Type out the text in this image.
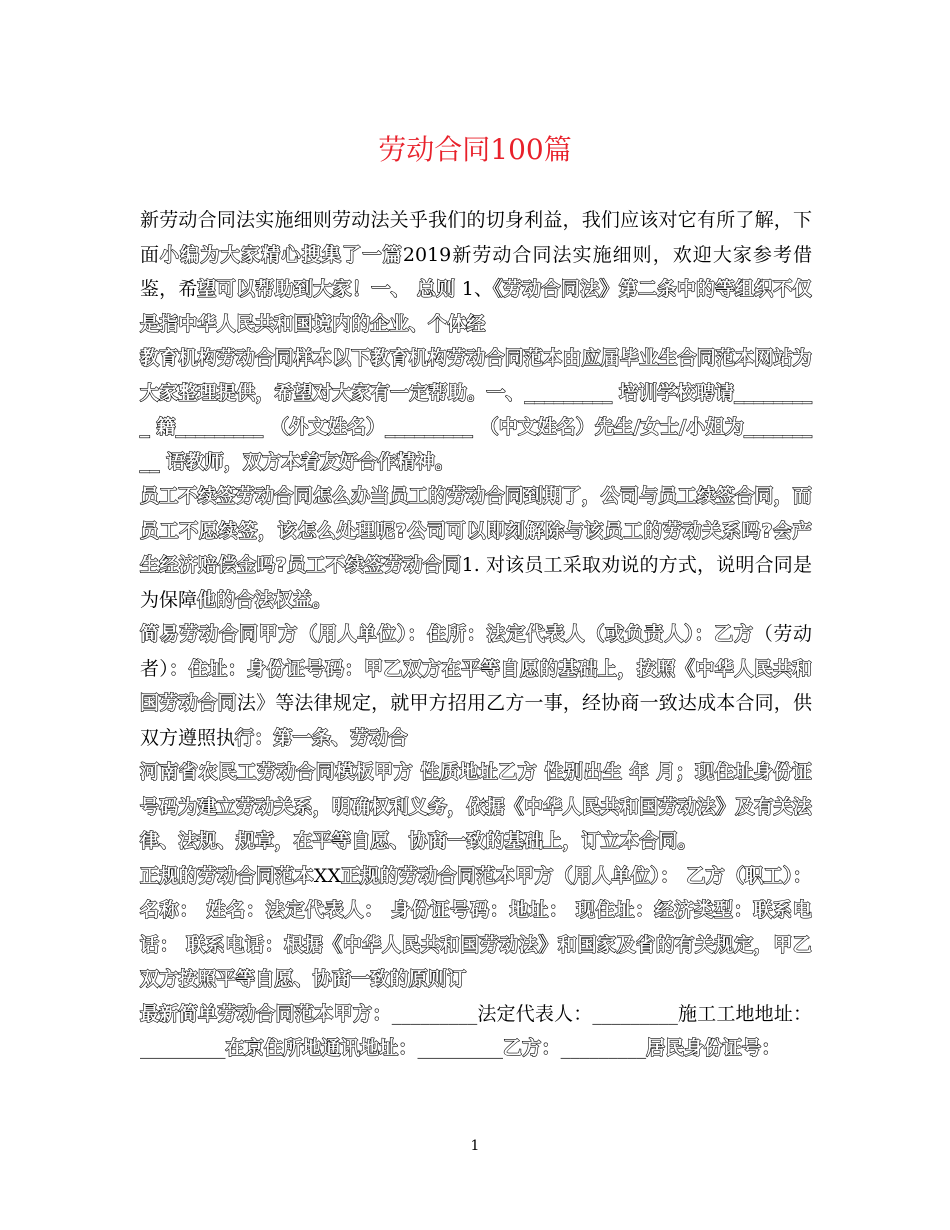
劳动合同100篇

新劳动合同法实施细则劳动法关乎我们的切身利益，我们应该对它有所了解，下面小编为大家精心搜集了一篇2019新劳动合同法实施细则，欢迎大家参考借鉴，希望可以帮助到大家！一、 总则 1、《劳动合同法》第二条中的等组织不仅是指中华人民共和国境内的企业、个体经

教育机构劳动合同样本以下教育机构劳动合同范本由应届毕业生合同范本网站为大家整理提供，希望对大家有一定帮助。一、_________ 培训学校聘请_________ 籍_________ （外文姓名）_________ （中文姓名）先生/女士/小姐为_________ 语教师，双方本着友好合作精神。

员工不续签劳动合同怎么办当员工的劳动合同到期了，公司与员工续签合同，而员工不愿续签，该怎么处理呢?公司可以即刻解除与该员工的劳动关系吗?会产生经济赔偿金吗?员工不续签劳动合同1. 对该员工采取劝说的方式，说明合同是为保障他的合法权益。

简易劳动合同甲方（用人单位）：住所：法定代表人（或负责人）：乙方（劳动者）：住址：身份证号码：甲乙双方在平等自愿的基础上，按照《中华人民共和国劳动合同法》等法律规定，就甲方招用乙方一事，经协商一致达成本合同，供双方遵照执行：第一条、劳动合

河南省农民工劳动合同模板甲方 性质地址乙方 性别出生 年 月；现住址身份证号码为建立劳动关系，明确权利义务，依据《中华人民共和国劳动法》及有关法律、法规、规章，在平等自愿、协商一致的基础上，订立本合同。

正规的劳动合同范本XX正规的劳动合同范本甲方（用人单位）： 乙方（职工）：名称： 姓名：法定代表人： 身份证号码：地址： 现住址：经济类型：联系电话： 联系电话：根据《中华人民共和国劳动法》和国家及省的有关规定，甲乙双方按照平等自愿、协商一致的原则订

最新简单劳动合同范本甲方：_________法定代表人：_________施工工地地址：_________在京住所地通讯地址：_________乙方：_________居民身份证号：

1
